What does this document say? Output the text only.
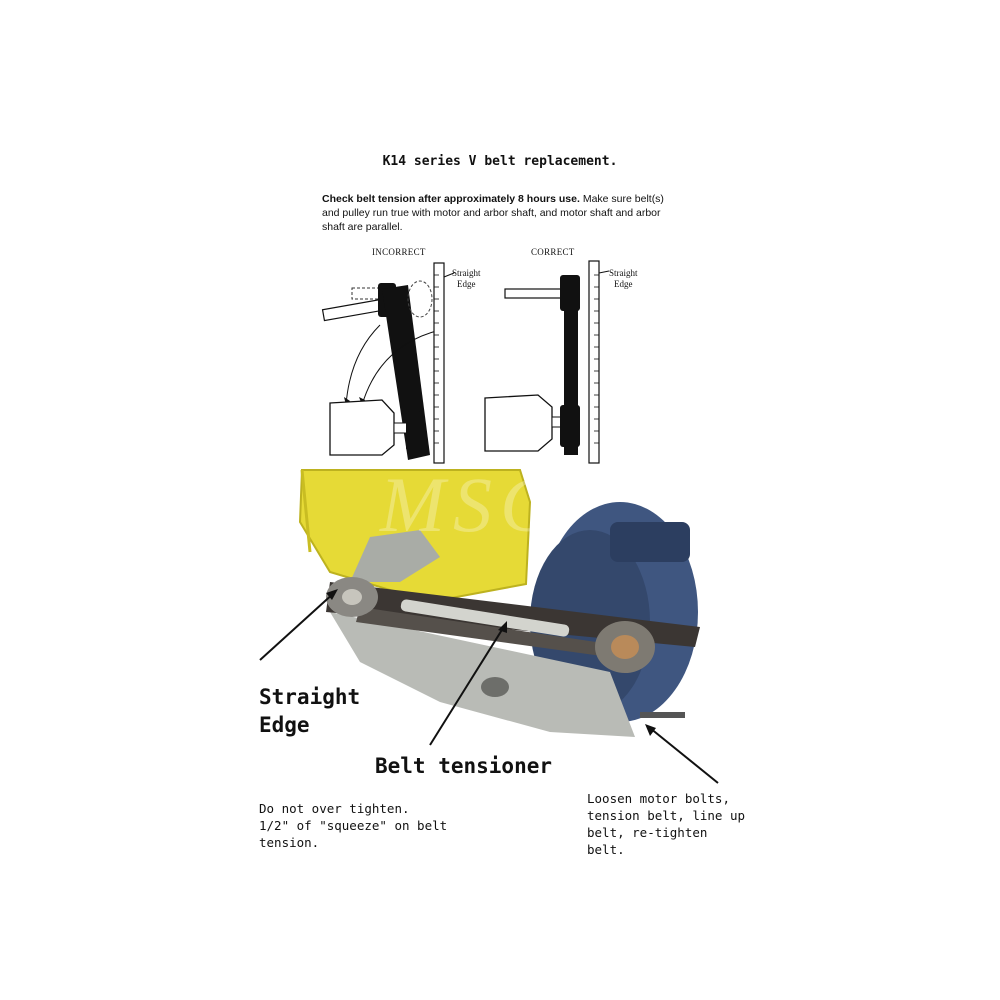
K14 series V belt replacement.
Check belt tension after approximately 8 hours use. Make sure belt(s) and pulley run true with motor and arbor shaft, and motor shaft and arbor shaft are parallel.
INCORRECT	CORRECT
Straight
Edge
Straight
Edge
MSC
Straight
Edge
Belt tensioner
Do not over tighten.
1/2" of "squeeze" on belt
tension.
Loosen motor bolts,
tension belt, line up
belt, re-tighten
belt.
